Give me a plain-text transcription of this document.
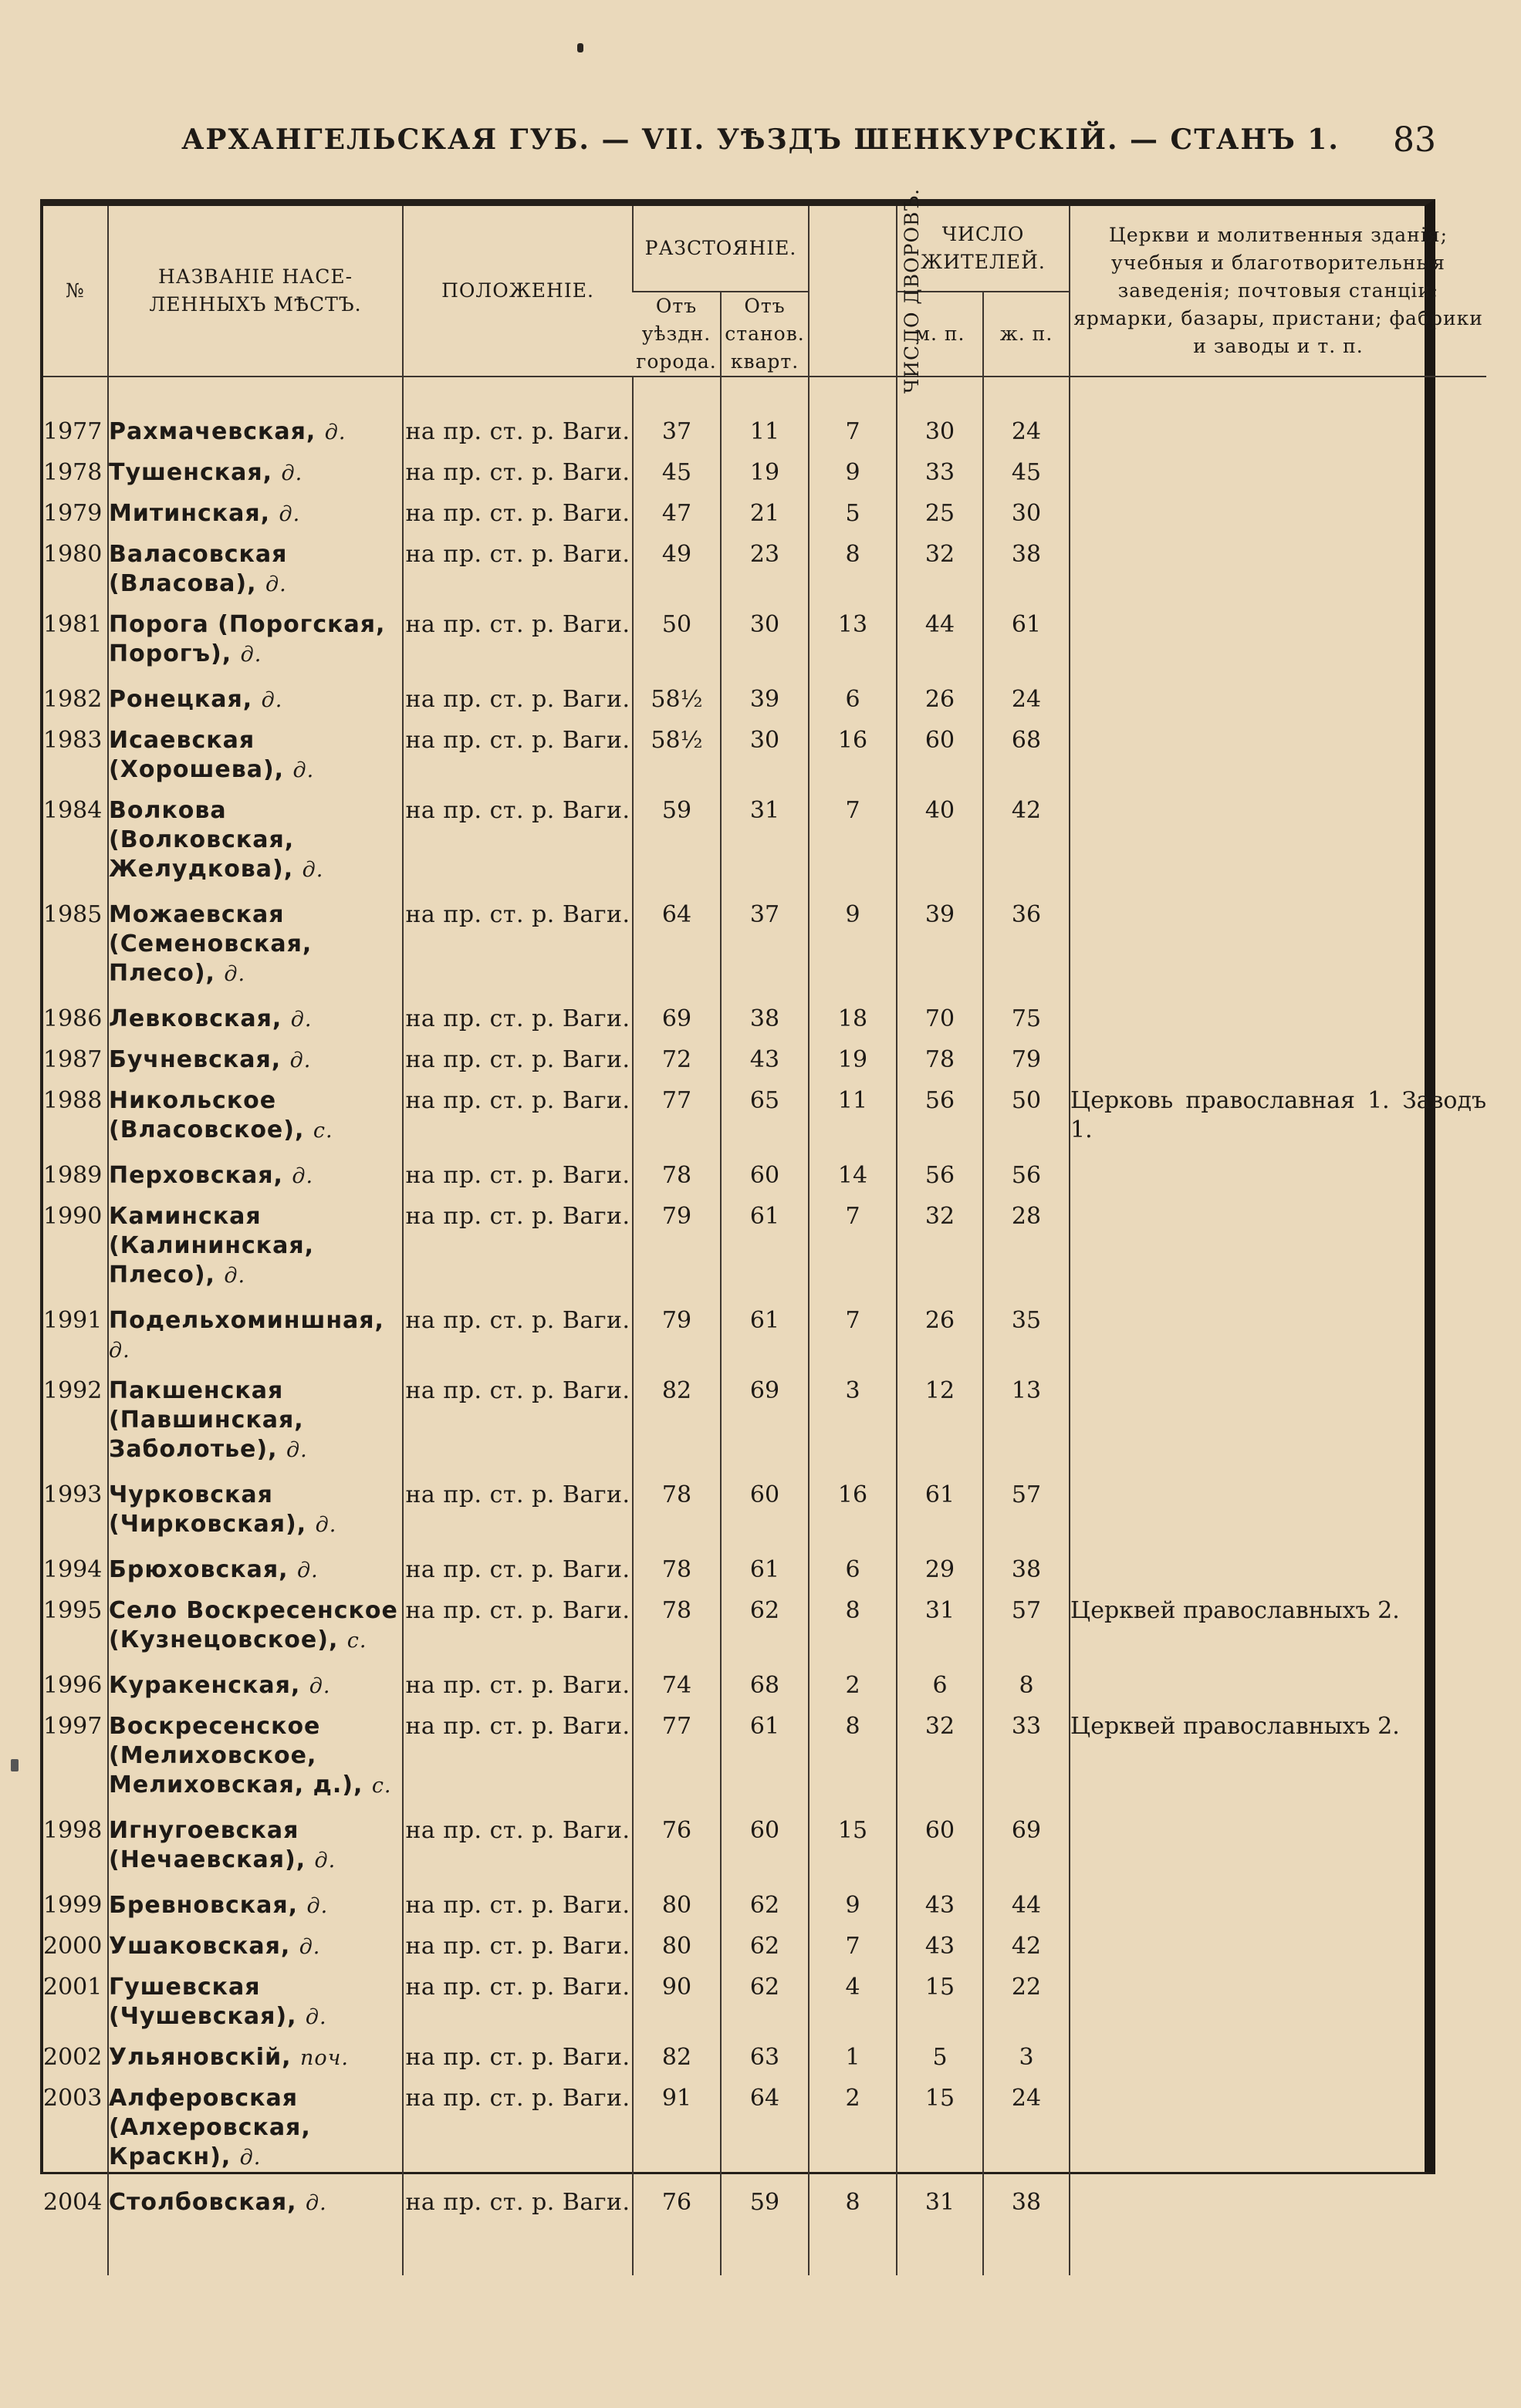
АРХАНГЕЛЬСКАЯ ГУБ. — VII. УѢЗДЪ ШЕНКУРСКІЙ. — СТАНЪ 1.	83
№	НАЗВАНІЕ НАСЕ- ЛЕННЫХЪ МѢСТЪ.	ПОЛОЖЕНІЕ.	РАЗСТОЯНІЕ.		ЧИСЛО ДВОРОВЪ.	ЧИСЛО ЖИТЕЛЕЙ.		Церкви и молитвенныя зданія; учебныя и благотворительныя заведенія; почтовыя станціи; ярмарки, базары, пристани; фабрики и заводы и т. п.
			Отъ уѣздн. города.	Отъ станов. кварт.		м. п.	ж. п.	

1977	Рахмачевская, д.	на пр. ст. р. Ваги.	37	11	7	30	24	

1978	Тушенская, д.	на пр. ст. р. Ваги.	45	19	9	33	45	

1979	Митинская, д.	на пр. ст. р. Ваги.	47	21	5	25	30	

1980	Валасовская (Власова), д.	на пр. ст. р. Ваги.	49	23	8	32	38	

1981	Порога (Порогская, Порогъ), д.	на пр. ст. р. Ваги.	50	30	13	44	61	

1982	Ронецкая, д.	на пр. ст. р. Ваги.	58½	39	6	26	24	

1983	Исаевская (Хорошева), д.	на пр. ст. р. Ваги.	58½	30	16	60	68	

1984	Волкова (Волковская, Желудкова), д.	на пр. ст. р. Ваги.	59	31	7	40	42	

1985	Можаевская (Семеновская, Плесо), д.	на пр. ст. р. Ваги.	64	37	9	39	36	

1986	Левковская, д.	на пр. ст. р. Ваги.	69	38	18	70	75	

1987	Бучневская, д.	на пр. ст. р. Ваги.	72	43	19	78	79	

1988	Никольское (Власовское), с.	на пр. ст. р. Ваги.	77	65	11	56	50	Церковь православная 1. Заводъ 1.

1989	Перховская, д.	на пр. ст. р. Ваги.	78	60	14	56	56	

1990	Каминская (Калининская, Плесо), д.	на пр. ст. р. Ваги.	79	61	7	32	28	

1991	Подельхоминшная, д.	на пр. ст. р. Ваги.	79	61	7	26	35	

1992	Пакшенская (Павшинская, Заболотье), д.	на пр. ст. р. Ваги.	82	69	3	12	13	

1993	Чурковская (Чирковская), д.	на пр. ст. р. Ваги.	78	60	16	61	57	

1994	Брюховская, д.	на пр. ст. р. Ваги.	78	61	6	29	38	

1995	Село Воскресенское (Кузнецовское), с.	на пр. ст. р. Ваги.	78	62	8	31	57	Церквей православныхъ 2.

1996	Куракенская, д.	на пр. ст. р. Ваги.	74	68	2	6	8	

1997	Воскресенское (Мелиховское, Мелиховская, д.), с.	на пр. ст. р. Ваги.	77	61	8	32	33	Церквей православныхъ 2.

1998	Игнугоевская (Нечаевская), д.	на пр. ст. р. Ваги.	76	60	15	60	69	

1999	Бревновская, д.	на пр. ст. р. Ваги.	80	62	9	43	44	

2000	Ушаковская, д.	на пр. ст. р. Ваги.	80	62	7	43	42	

2001	Гушевская (Чушевская), д.	на пр. ст. р. Ваги.	90	62	4	15	22	

2002	Ульяновскій, поч.	на пр. ст. р. Ваги.	82	63	1	5	3	

2003	Алферовская (Алхеровская, Краскн), д.	на пр. ст. р. Ваги.	91	64	2	15	24	

2004	Столбовская, д.	на пр. ст. р. Ваги.	76	59	8	31	38	
